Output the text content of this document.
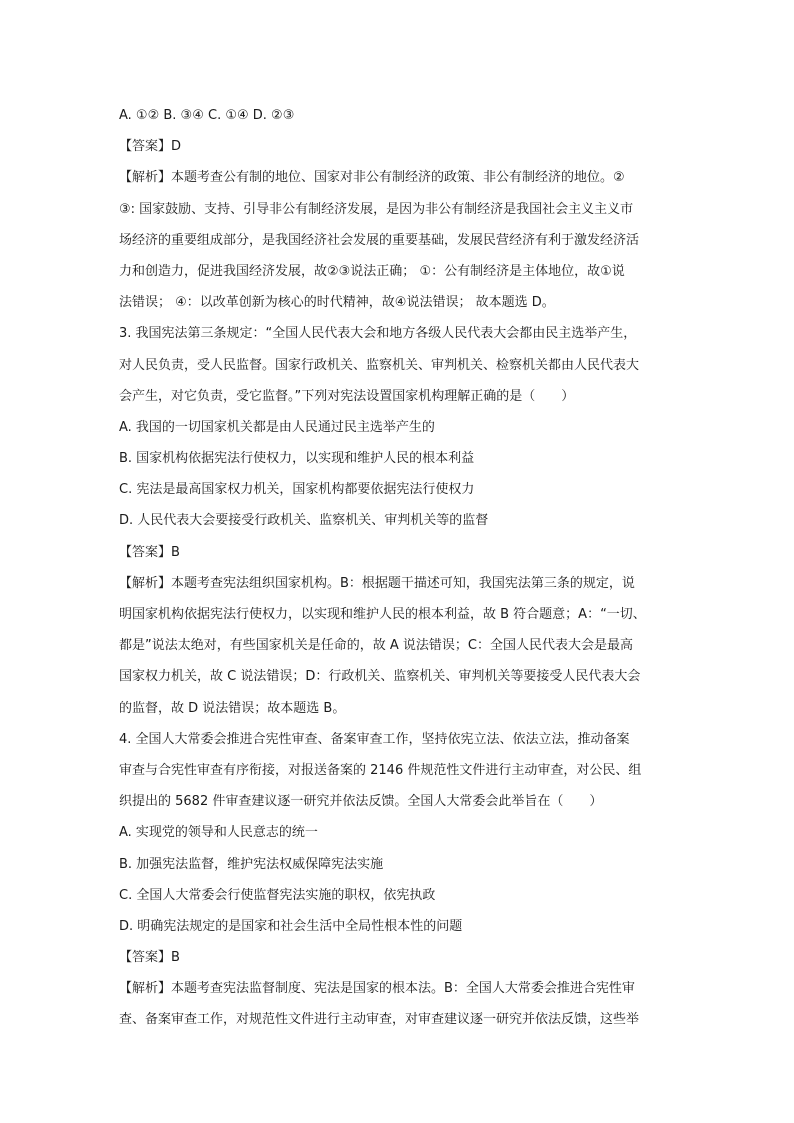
A. ①② B. ③④ C. ①④ D. ②③
【答案】D
【解析】本题考查公有制的地位、国家对非公有制经济的政策、非公有制经济的地位。②
③: 国家鼓励、支持、引导非公有制经济发展，是因为非公有制经济是我国社会主义主义市
场经济的重要组成部分，是我国经济社会发展的重要基础，发展民营经济有利于激发经济活
力和创造力，促进我国经济发展，故②③说法正确； ①：公有制经济是主体地位，故①说
法错误； ④：以改革创新为核心的时代精神，故④说法错误； 故本题选 D。
3. 我国宪法第三条规定：“全国人民代表大会和地方各级人民代表大会都由民主选举产生，
对人民负责，受人民监督。国家行政机关、监察机关、审判机关、检察机关都由人民代表大
会产生，对它负责，受它监督。”下列对宪法设置国家机构理解正确的是（　　）
A. 我国的一切国家机关都是由人民通过民主选举产生的
B. 国家机构依据宪法行使权力，以实现和维护人民的根本利益
C. 宪法是最高国家权力机关，国家机构都要依据宪法行使权力
D. 人民代表大会要接受行政机关、监察机关、审判机关等的监督
【答案】B
【解析】本题考查宪法组织国家机构。B：根据题干描述可知，我国宪法第三条的规定，说
明国家机构依据宪法行使权力，以实现和维护人民的根本利益，故 B 符合题意；A：“一切、
都是”说法太绝对，有些国家机关是任命的，故 A 说法错误；C：全国人民代表大会是最高
国家权力机关，故 C 说法错误；D：行政机关、监察机关、审判机关等要接受人民代表大会
的监督，故 D 说法错误；故本题选 B。
4. 全国人大常委会推进合宪性审查、备案审查工作，坚持依宪立法、依法立法，推动备案
审查与合宪性审查有序衔接，对报送备案的 2146 件规范性文件进行主动审查，对公民、组
织提出的 5682 件审查建议逐一研究并依法反馈。全国人大常委会此举旨在（　　）
A. 实现党的领导和人民意志的统一
B. 加强宪法监督，维护宪法权威保障宪法实施
C. 全国人大常委会行使监督宪法实施的职权，依宪执政
D. 明确宪法规定的是国家和社会生活中全局性根本性的问题
【答案】B
【解析】本题考查宪法监督制度、宪法是国家的根本法。B：全国人大常委会推进合宪性审
查、备案审查工作，对规范性文件进行主动审查，对审查建议逐一研究并依法反馈，这些举
